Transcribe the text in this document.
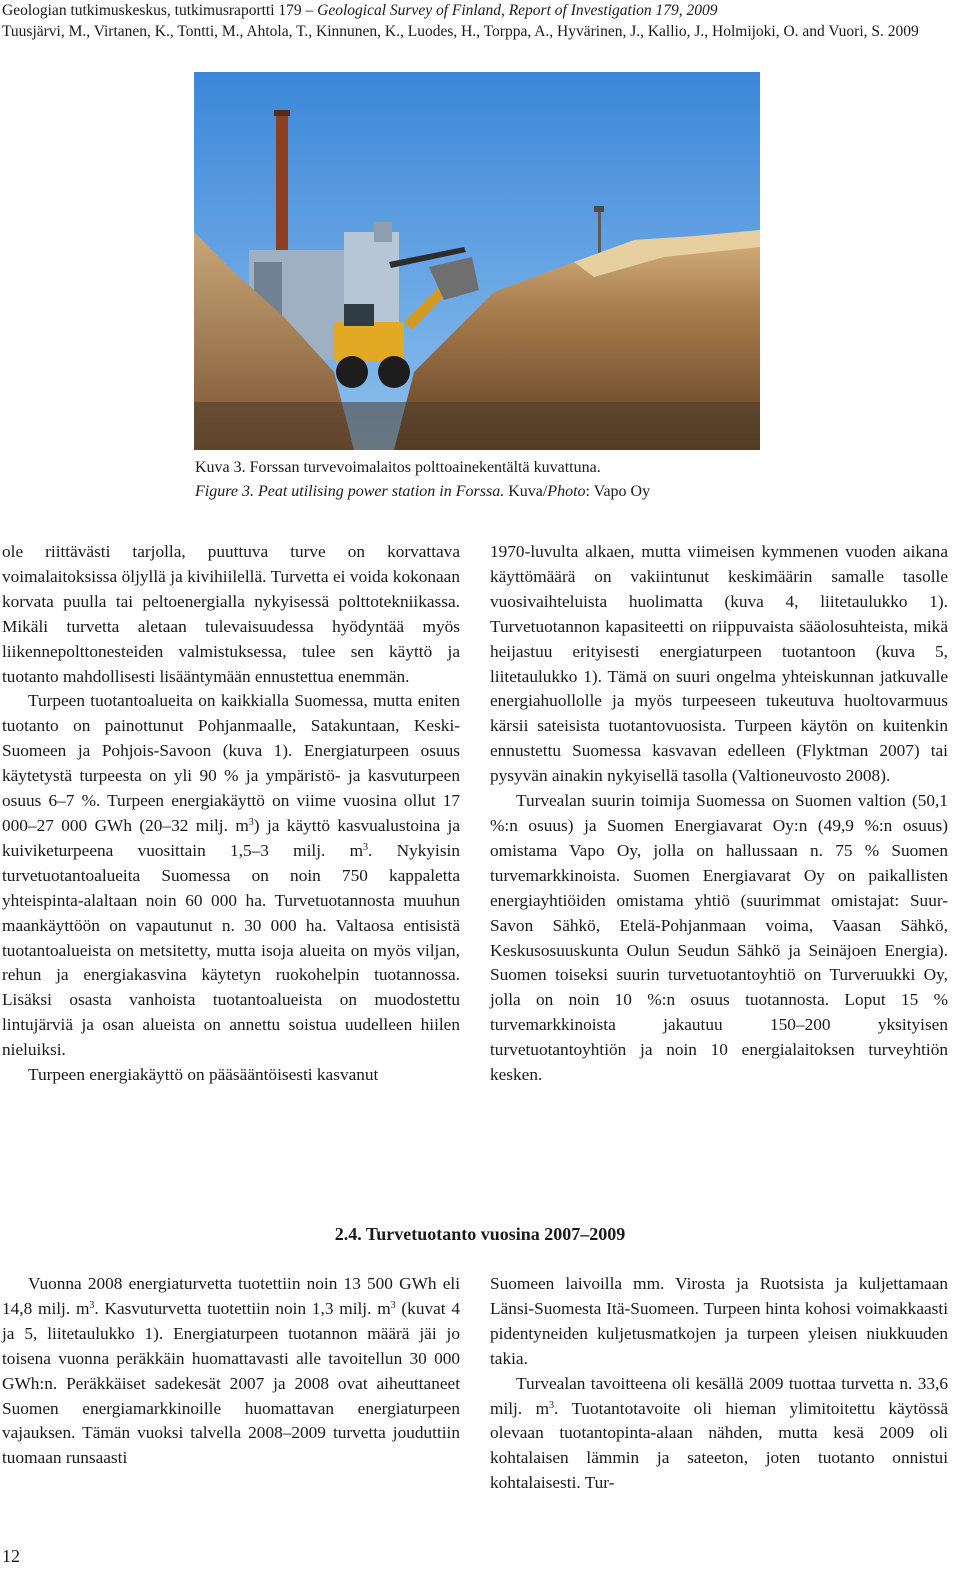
Geologian tutkimuskeskus, tutkimusraportti 179 – Geological Survey of Finland, Report of Investigation 179, 2009
Tuusjärvi, M., Virtanen, K., Tontti, M., Ahtola, T., Kinnunen, K., Luodes, H., Torppa, A., Hyvärinen, J., Kallio, J., Holmijoki, O. and Vuori, S. 2009
Kuva 3. Forssan turvevoimalaitos polttoainekentältä kuvattuna.
Figure 3. Peat utilising power station in Forssa. Kuva/Photo: Vapo Oy

ole riittävästi tarjolla, puuttuva turve on korvattava voimalaitoksissa öljyllä ja kivihiilellä. Turvetta ei voida kokonaan korvata puulla tai peltoenergialla nykyisessä polttotekniikassa. Mikäli turvetta aletaan tulevaisuudessa hyödyntää myös liikennepolttonesteiden valmistuksessa, tulee sen käyttö ja tuotanto mahdollisesti lisääntymään ennustettua enemmän.

Turpeen tuotantoalueita on kaikkialla Suomessa, mutta eniten tuotanto on painottunut Pohjanmaalle, Satakuntaan, Keski-Suomeen ja Pohjois-Savoon (kuva 1). Energiaturpeen osuus käytetystä turpeesta on yli 90 % ja ympäristö- ja kasvuturpeen osuus 6–7 %. Turpeen energiakäyttö on viime vuosina ollut 17 000–27 000 GWh (20–32 milj. $m^3$) ja käyttö kasvualustoina ja kuiviketurpeena vuosittain 1,5–3 milj. $m^3$. Nykyisin turvetuotantoalueita Suomessa on noin 750 kappaletta yhteispinta-alaltaan noin 60 000 ha. Turvetuotannosta muuhun maankäyttöön on vapautunut n. 30 000 ha. Valtaosa entisistä tuotantoalueista on metsitetty, mutta isoja alueita on myös viljan, rehun ja energiakasvina käytetyn ruokohelpin tuotannossa. Lisäksi osasta vanhoista tuotantoalueista on muodostettu lintujärviä ja osan alueista on annettu soistua uudelleen hiilen nieluiksi.

Turpeen energiakäyttö on pääsääntöisesti kasvanut

1970-luvulta alkaen, mutta viimeisen kymmenen vuoden aikana käyttömäärä on vakiintunut keskimäärin samalle tasolle vuosivaihteluista huolimatta (kuva 4, liitetaulukko 1). Turvetuotannon kapasiteetti on riippuvaista sääolosuhteista, mikä heijastuu erityisesti energiaturpeen tuotantoon (kuva 5, liitetaulukko 1). Tämä on suuri ongelma yhteiskunnan jatkuvalle energiahuollolle ja myös turpeeseen tukeutuva huoltovarmuus kärsii sateisista tuotantovuosista. Turpeen käytön on kuitenkin ennustettu Suomessa kasvavan edelleen (Flyktman 2007) tai pysyvän ainakin nykyisellä tasolla (Valtioneuvosto 2008).

Turvealan suurin toimija Suomessa on Suomen valtion (50,1 %:n osuus) ja Suomen Energiavarat Oy:n (49,9 %:n osuus) omistama Vapo Oy, jolla on hallussaan n. 75 % Suomen turvemarkkinoista. Suomen Energiavarat Oy on paikallisten energiayhtiöiden omistama yhtiö (suurimmat omistajat: Suur-Savon Sähkö, Etelä-Pohjanmaan voima, Vaasan Sähkö, Keskusosuuskunta Oulun Seudun Sähkö ja Seinäjoen Energia). Suomen toiseksi suurin turvetuotantoyhtiö on Turveruukki Oy, jolla on noin 10 %:n osuus tuotannosta. Loput 15 % turvemarkkinoista jakautuu 150–200 yksityisen turvetuotantoyhtiön ja noin 10 energialaitoksen turveyhtiön kesken.

2.4. Turvetuotanto vuosina 2007–2009

Vuonna 2008 energiaturvetta tuotettiin noin 13 500 GWh eli 14,8 milj. $m^3$. Kasvuturvetta tuotettiin noin 1,3 milj. $m^3$ (kuvat 4 ja 5, liitetaulukko 1). Energiaturpeen tuotannon määrä jäi jo toisena vuonna peräkkäin huomattavasti alle tavoitellun 30 000 GWh:n. Peräkkäiset sadekesät 2007 ja 2008 ovat aiheuttaneet Suomen energiamarkkinoille huomattavan energiaturpeen vajauksen. Tämän vuoksi talvella 2008–2009 turvetta jouduttiin tuomaan runsaasti

Suomeen laivoilla mm. Virosta ja Ruotsista ja kuljettamaan Länsi-Suomesta Itä-Suomeen. Turpeen hinta kohosi voimakkaasti pidentyneiden kuljetusmatkojen ja turpeen yleisen niukkuuden takia.

Turvealan tavoitteena oli kesällä 2009 tuottaa turvetta n. 33,6 milj. $m^3$. Tuotantotavoite oli hieman ylimitoitettu käytössä olevaan tuotantopinta-alaan nähden, mutta kesä 2009 oli kohtalaisen lämmin ja sateeton, joten tuotanto onnistui kohtalaisesti. Tur-

12
